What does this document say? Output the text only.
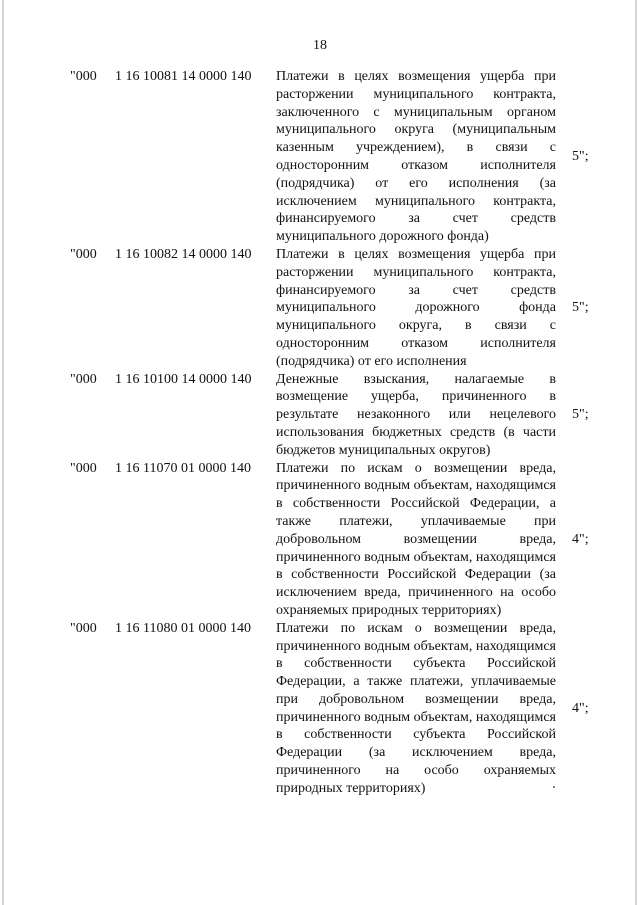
18
"000 1 16 10081 14 0000 140 Платежи в целях возмещения ущерба при расторжении муниципального контракта, заключенного с муниципальным органом муниципального округа (муниципальным казенным учреждением), в связи с односторонним отказом исполнителя (подрядчика) от его исполнения (за исключением муниципального контракта, финансируемого за счет средств муниципального дорожного фонда)
5";
"000 1 16 10082 14 0000 140 Платежи в целях возмещения ущерба при расторжении муниципального контракта, финансируемого за счет средств муниципального дорожного фонда муниципального округа, в связи с односторонним отказом исполнителя (подрядчика) от его исполнения
5";
"000 1 16 10100 14 0000 140 Денежные взыскания, налагаемые в возмещение ущерба, причиненного в результате незаконного или нецелевого использования бюджетных средств (в части бюджетов муниципальных округов)
5";
"000 1 16 11070 01 0000 140 Платежи по искам о возмещении вреда, причиненного водным объектам, находящимся в собственности Российской Федерации, а также платежи, уплачиваемые при добровольном возмещении вреда, причиненного водным объектам, находящимся в собственности Российской Федерации (за исключением вреда, причиненного на особо охраняемых природных территориях)
4";
"000 1 16 11080 01 0000 140 Платежи по искам о возмещении вреда, причиненного водным объектам, находящимся в собственности субъекта Российской Федерации, а также платежи, уплачиваемые при добровольном возмещении вреда, причиненного водным объектам, находящимся в собственности субъекта Российской Федерации (за исключением вреда, причиненного на особо охраняемых природных территориях)
4";
